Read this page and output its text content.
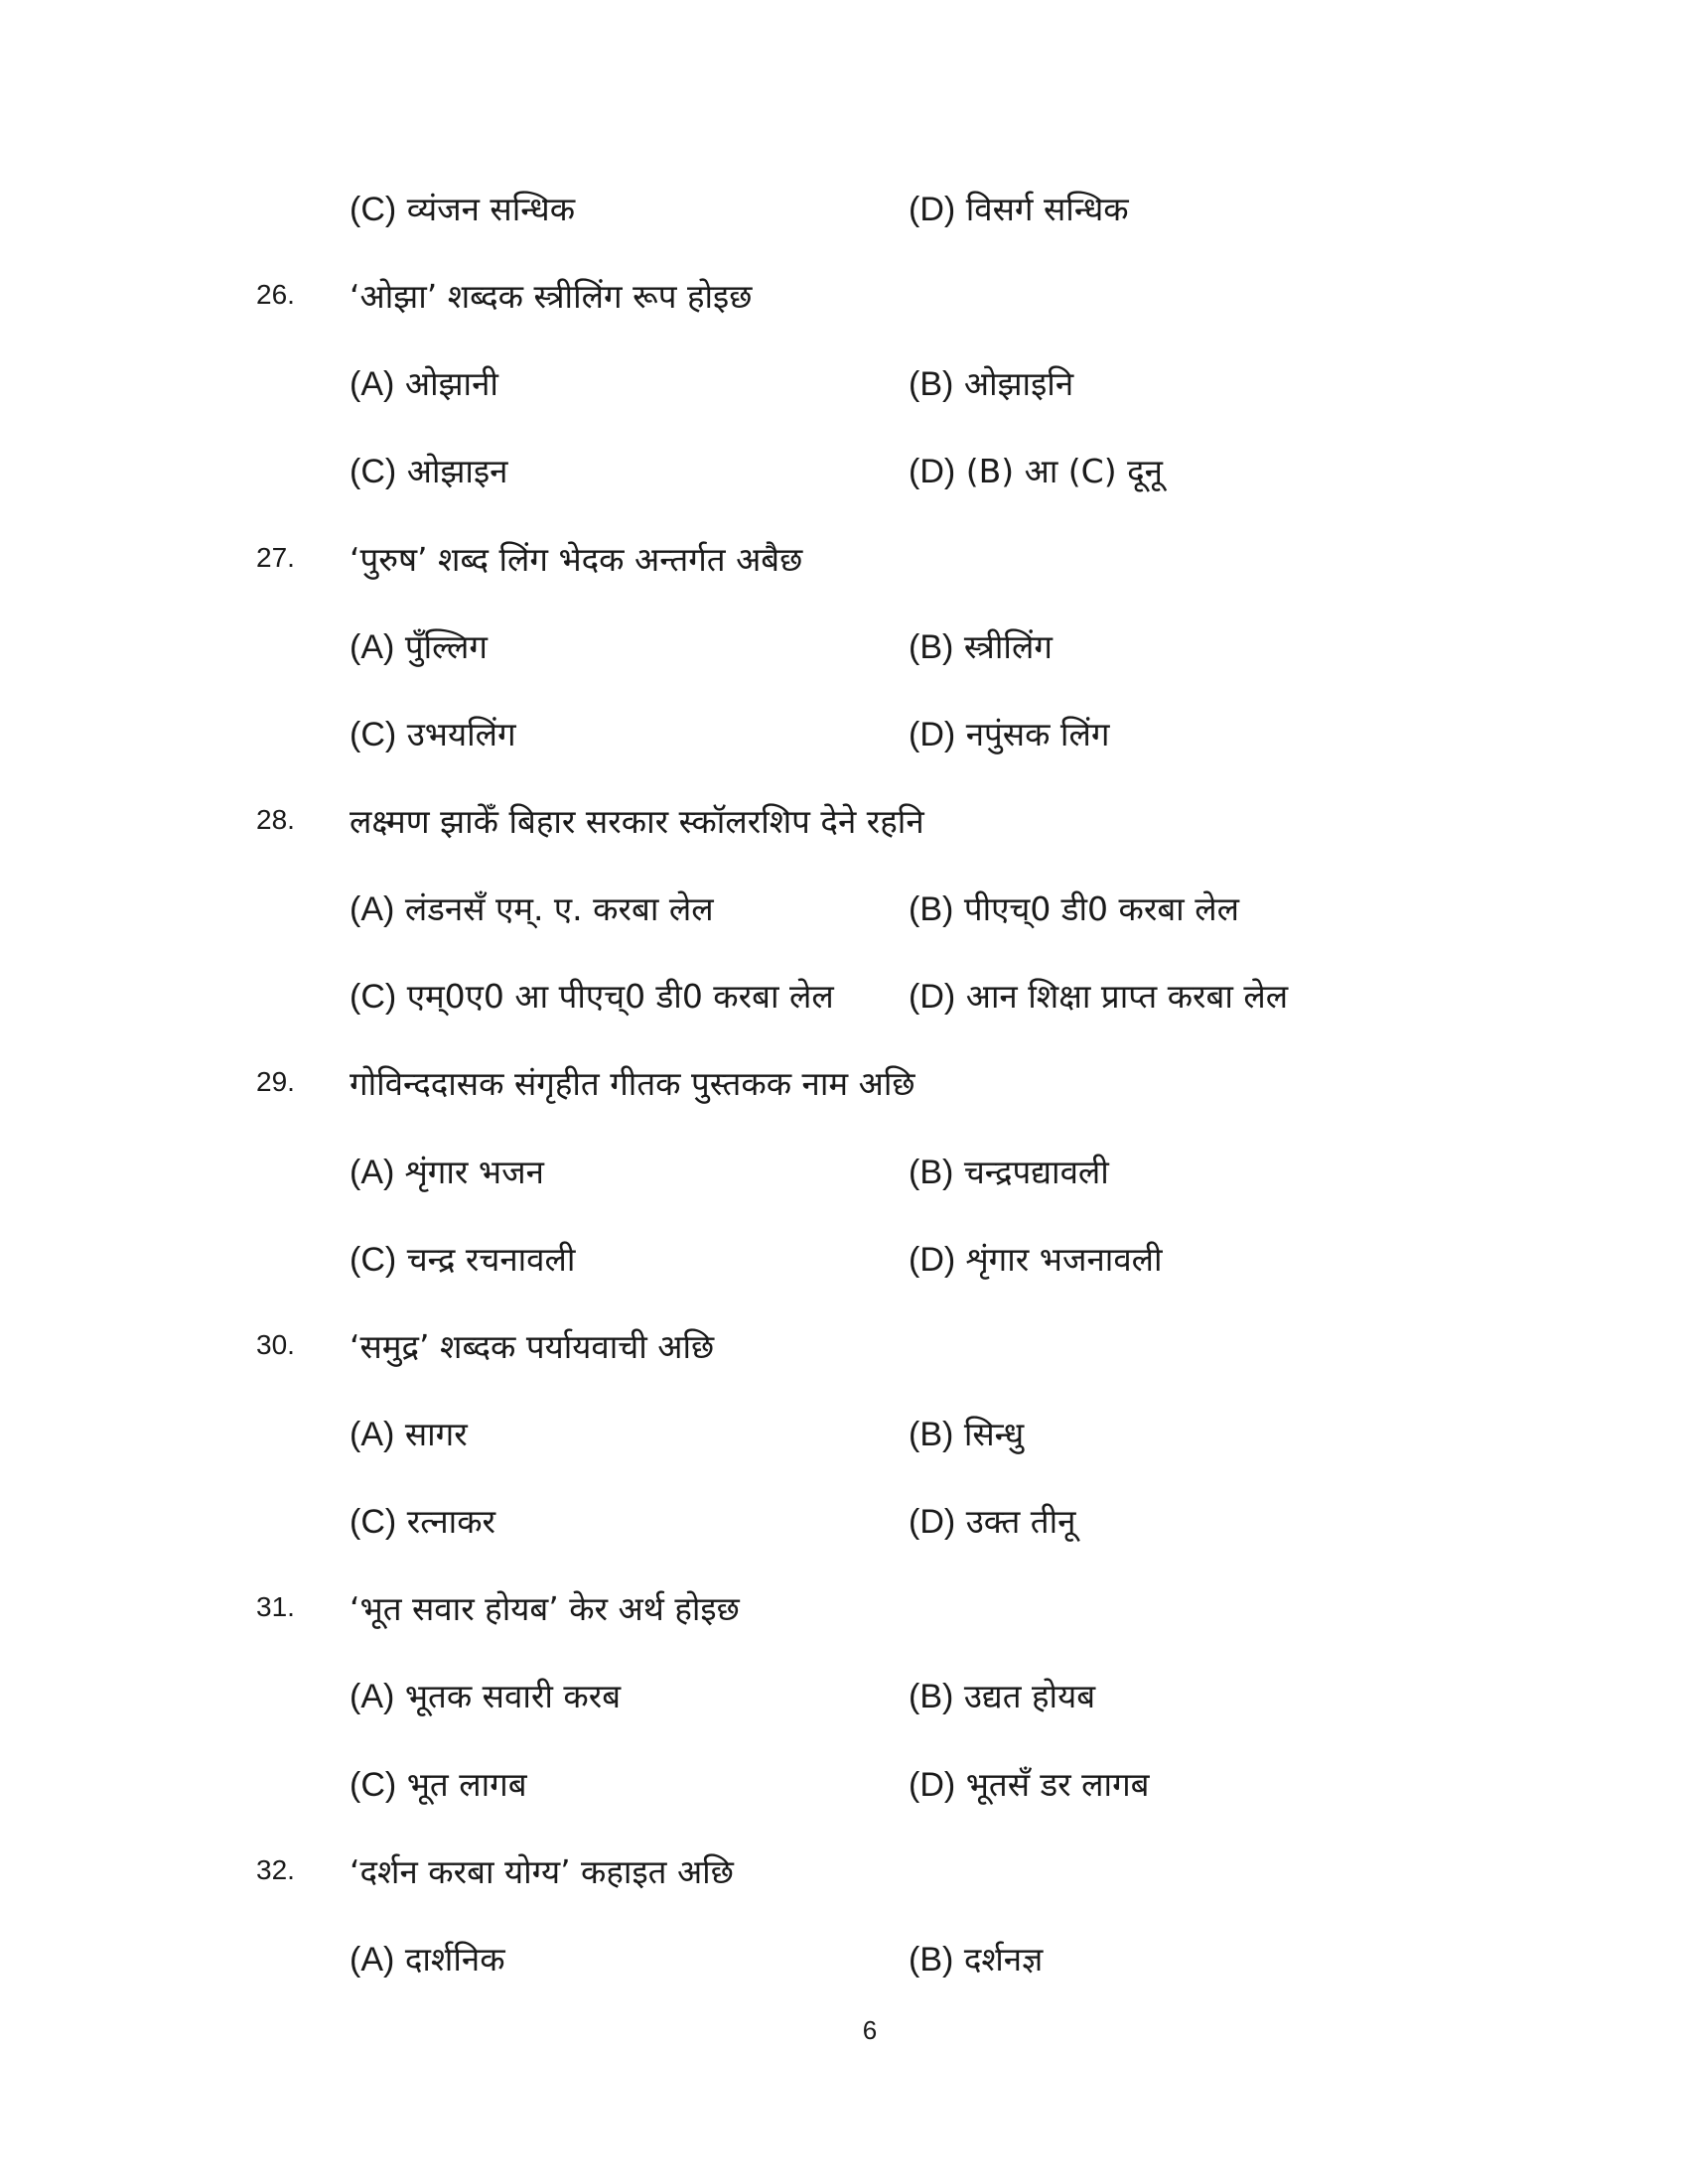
(C) व्यंजन सन्धिक	(D) विसर्ग सन्धिक
26.	‘ओझा’ शब्दक स्त्रीलिंग रूप होइछ
(A) ओझानी	(B) ओझाइनि
(C) ओझाइन	(D) (B) आ (C) दूनू
27.	‘पुरुष’ शब्द लिंग भेदक अन्तर्गत अबैछ
(A) पुँल्लिग	(B) स्त्रीलिंग
(C) उभयलिंग	(D) नपुंसक लिंग
28.	लक्ष्मण झाकेँ बिहार सरकार स्कॉलरशिप देने रहनि
(A) लंडनसँ एम्. ए. करबा लेल	(B) पीएच्0 डी0 करबा लेल
(C) एम्0ए0 आ पीएच्0 डी0 करबा लेल (D) आन शिक्षा प्राप्त करबा लेल
29.	गोविन्ददासक संगृहीत गीतक पुस्तकक नाम अछि
(A) शृंगार भजन	(B) चन्द्रपद्यावली
(C) चन्द्र रचनावली	(D) शृंगार भजनावली
30.	‘समुद्र’ शब्दक पर्यायवाची अछि
(A) सागर	(B) सिन्धु
(C) रत्नाकर	(D) उक्त तीनू
31.	‘भूत सवार होयब’ केर अर्थ होइछ
(A) भूतक सवारी करब	(B) उद्यत होयब
(C) भूत लागब	(D) भूतसँ डर लागब
32.	‘दर्शन करबा योग्य’ कहाइत अछि
(A) दार्शनिक	(B) दर्शनज्ञ
6
